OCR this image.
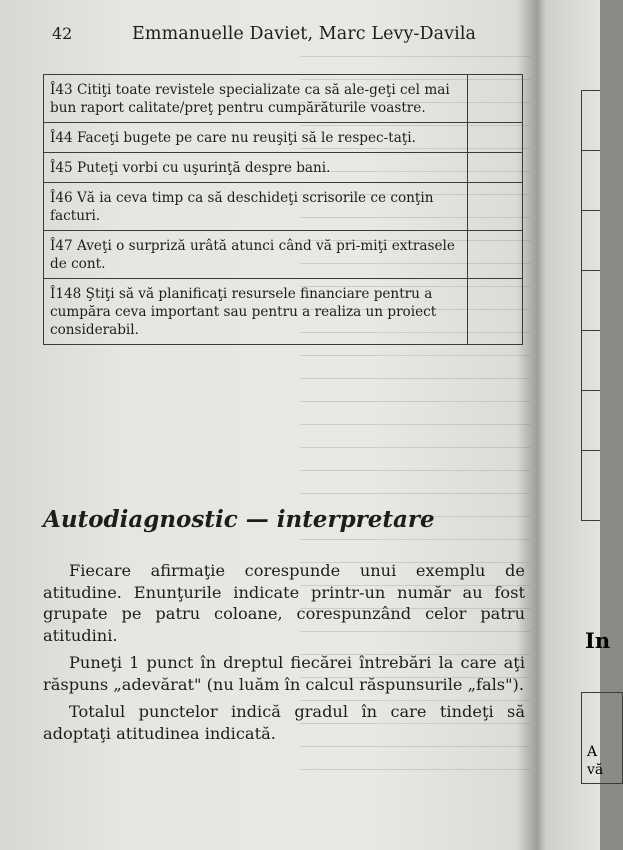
42	Emmanuelle Daviet, Marc Levy-Davila
Î43 Citiţi toate revistele specializate ca să ale-geţi cel mai bun raport calitate/preţ pentru cumpărăturile voastre.
Î44 Faceţi bugete pe care nu reuşiţi să le respec-taţi.
Î45 Puteţi vorbi cu uşurinţă despre bani.
Î46 Vă ia ceva timp ca să deschideţi scrisorile ce conţin facturi.
Î47 Aveţi o surpriză urâtă atunci când vă pri-miţi extrasele de cont.
Î148 Ştiţi să vă planificaţi resursele financiare pentru a cumpăra ceva important sau pentru a realiza un proiect considerabil.
Autodiagnostic — interpretare

Fiecare afirmaţie corespunde unui exemplu de atitudine. Enunţurile indicate printr-un număr au fost grupate pe patru coloane, corespunzând celor patru atitudini.

Puneţi 1 punct în dreptul fiecărei întrebări la care aţi răspuns „adevărat" (nu luăm în calcul răspunsurile „fals").

Totalul punctelor indică gradul în care tindeţi să adoptaţi atitudinea indicată.

In
A
vă
